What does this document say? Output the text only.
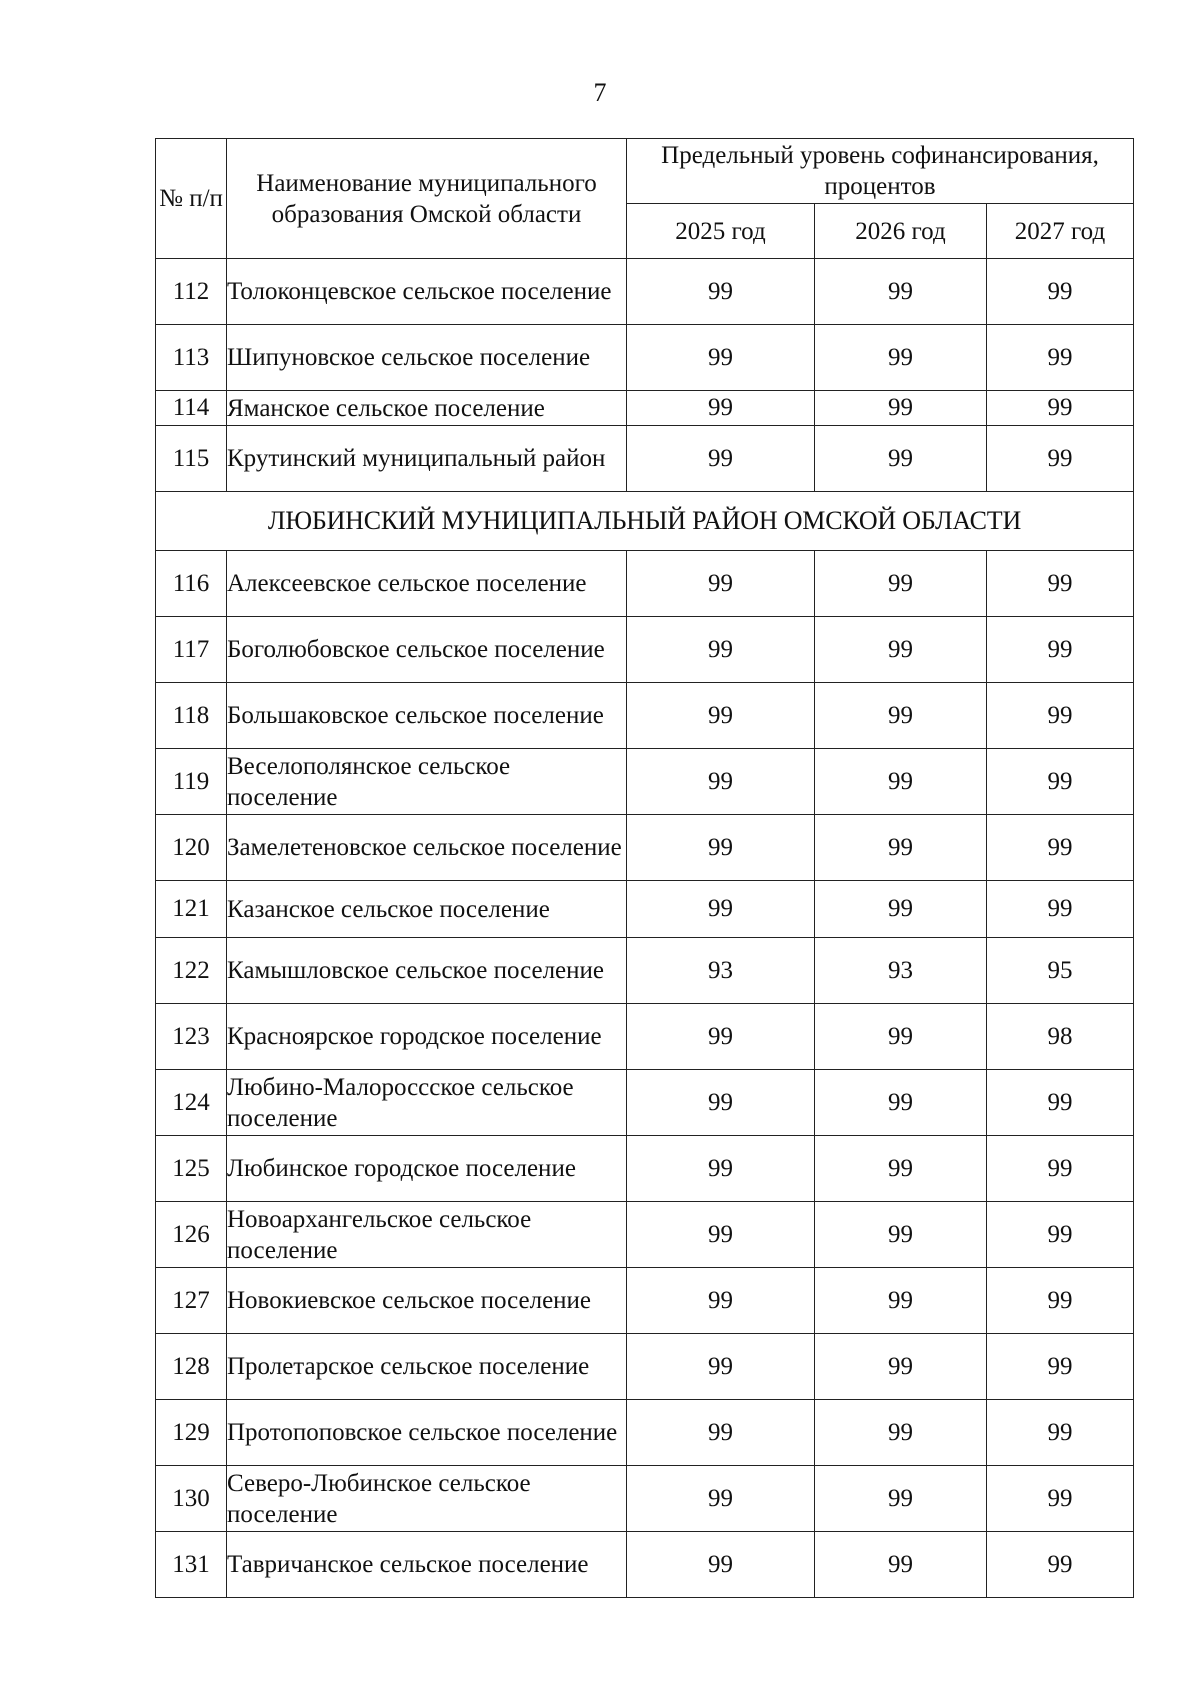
7
№ п/п	Наименование муниципального образования Омской области	Предельный уровень софинансирования, процентов		
		2025 год	2026 год	2027 год
112	Толоконцевское сельское поселение	99	99	99
113	Шипуновское сельское поселение	99	99	99
114	Яманское сельское поселение	99	99	99
115	Крутинский муниципальный район	99	99	99
ЛЮБИНСКИЙ МУНИЦИПАЛЬНЫЙ РАЙОН ОМСКОЙ ОБЛАСТИ				
116	Алексеевское сельское поселение	99	99	99
117	Боголюбовское сельское поселение	99	99	99
118	Большаковское сельское поселение	99	99	99
119	Веселополянское сельское поселение	99	99	99
120	Замелетеновское сельское поселение	99	99	99
121	Казанское сельское поселение	99	99	99
122	Камышловское сельское поселение	93	93	95
123	Красноярское городское поселение	99	99	98
124	Любино-Малороссское сельское поселение	99	99	99
125	Любинское городское поселение	99	99	99
126	Новоархангельское сельское поселение	99	99	99
127	Новокиевское сельское поселение	99	99	99
128	Пролетарское сельское поселение	99	99	99
129	Протопоповское сельское поселение	99	99	99
130	Северо-Любинское сельское поселение	99	99	99
131	Тавричанское сельское поселение	99	99	99
